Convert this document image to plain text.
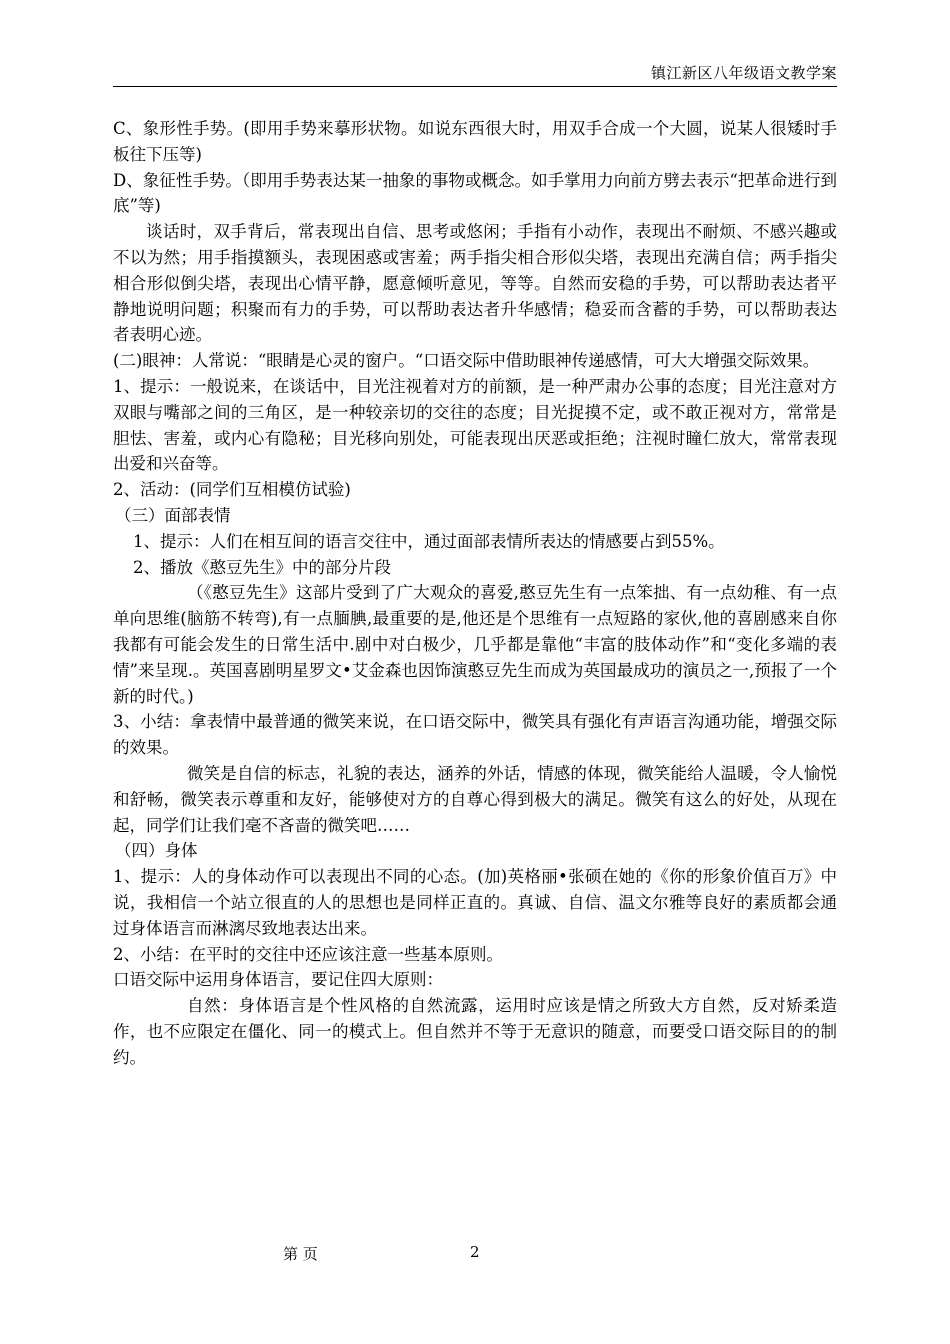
镇江新区八年级语文教学案

C、象形性手势。(即用手势来摹形状物。如说东西很大时，用双手合成一个大圆，说某人很矮时手板往下压等)

D、象征性手势。（即用手势表达某一抽象的事物或概念。如手掌用力向前方劈去表示“把革命进行到底”等)

谈话时，双手背后，常表现出自信、思考或悠闲；手指有小动作，表现出不耐烦、不感兴趣或不以为然；用手指摸额头，表现困惑或害羞；两手指尖相合形似尖塔，表现出充满自信；两手指尖相合形似倒尖塔，表现出心情平静，愿意倾听意见，等等。自然而安稳的手势，可以帮助表达者平静地说明问题；积聚而有力的手势，可以帮助表达者升华感情；稳妥而含蓄的手势，可以帮助表达者表明心迹。

(二)眼神：人常说：“眼睛是心灵的窗户。“口语交际中借助眼神传递感情，可大大增强交际效果。

1、提示：一般说来，在谈话中，目光注视着对方的前额，是一种严肃办公事的态度；目光注意对方双眼与嘴部之间的三角区，是一种较亲切的交往的态度；目光捉摸不定，或不敢正视对方，常常是胆怯、害羞，或内心有隐秘；目光移向别处，可能表现出厌恶或拒绝；注视时瞳仁放大，常常表现出爱和兴奋等。

2、活动：(同学们互相模仿试验)

（三）面部表情

1、提示：人们在相互间的语言交往中，通过面部表情所表达的情感要占到55%。

2、播放《憨豆先生》中的部分片段

（《憨豆先生》这部片受到了广大观众的喜爱,憨豆先生有一点笨拙、有一点幼稚、有一点单向思维(脑筋不转弯),有一点腼腆,最重要的是,他还是个思维有一点短路的家伙,他的喜剧感来自你我都有可能会发生的日常生活中.剧中对白极少，几乎都是靠他“丰富的肢体动作”和“变化多端的表情”来呈现.。英国喜剧明星罗文•艾金森也因饰演憨豆先生而成为英国最成功的演员之一,预报了一个新的时代。)

3、小结：拿表情中最普通的微笑来说，在口语交际中，微笑具有强化有声语言沟通功能，增强交际的效果。

微笑是自信的标志，礼貌的表达，涵养的外话，情感的体现，微笑能给人温暖，令人愉悦和舒畅，微笑表示尊重和友好，能够使对方的自尊心得到极大的满足。微笑有这么的好处，从现在起，同学们让我们毫不吝啬的微笑吧……

（四）身体

1、提示：人的身体动作可以表现出不同的心态。(加)英格丽•张硕在她的《你的形象价值百万》中说，我相信一个站立很直的人的思想也是同样正直的。真诚、自信、温文尔雅等良好的素质都会通过身体语言而淋漓尽致地表达出来。

2、小结：在平时的交往中还应该注意一些基本原则。

口语交际中运用身体语言，要记住四大原则：

自然：身体语言是个性风格的自然流露，运用时应该是情之所致大方自然，反对矫柔造作，也不应限定在僵化、同一的模式上。但自然并不等于无意识的随意，而要受口语交际目的的制约。

第 页	2
